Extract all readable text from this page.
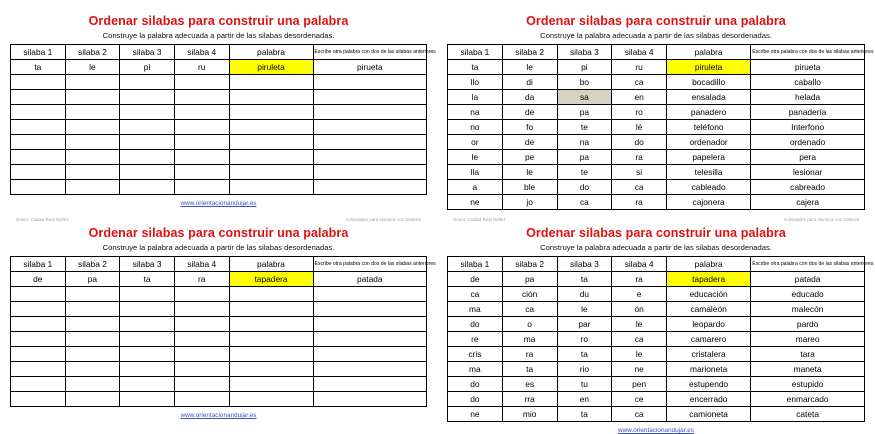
Ordenar silabas para construir una palabra
Construye la palabra adecuada a partir de las silabas desordenadas.
silaba 1	silaba 2	silaba 3	silaba 4	palabra	Escribe otra palabra con dos de las silabas anteriores
ta	le	pi	ru	piruleta	pirueta

www.orientacionandujar.es
Ordenar silabas para construir una palabra
Construye la palabra adecuada a partir de las silabas desordenadas.
silaba 1	silaba 2	silaba 3	silaba 4	palabra	Escribe otra palabra con dos de las silabas anteriores
ta	le	pi	ru	piruleta	pirueta
llo	di	bo	ca	bocadillo	caballo
la	da	sa	en	ensalada	helada
na	de	pa	ro	panadero	panadería
no	fo	te	lé	teléfono	Interfono
or	de	na	do	ordenador	ordenado
le	pe	pa	ra	papelera	pera
lla	le	te	si	telesilla	lesionar
a	ble	do	ca	cableado	cabreado
ne	jo	ca	ra	cajonera	cajera
Orient. Ciudad Real Núñez	Actividades para alumnos con Dislexia
Ordenar silabas para construir una palabra
Construye la palabra adecuada a partir de las silabas desordenadas.
silaba 1	silaba 2	silaba 3	silaba 4	palabra	Escribe otra palabra con dos de las silabas anteriores
de	pa	ta	ra	tapadera	patada

www.orientacionandujar.es
Orient. Ciudad Real Núñez	Actividades para alumnos con Dislexia
Ordenar silabas para construir una palabra
Construye la palabra adecuada a partir de las silabas desordenadas.
silaba 1	silaba 2	silaba 3	silaba 4	palabra	Escribe otra palabra con dos de las silabas anteriores
de	pa	ta	ra	tapadera	patada
ca	ción	du	e	educación	educado
ma	ca	le	ón	camaleón	malecón
do	o	par	le	leopardo	pardo
re	ma	ro	ca	camarero	mareo
cris	ra	ta	le	cristalera	tara
ma	ta	rio	ne	marioneta	maneta
do	es	tu	pen	estupendo	estupido
do	rra	en	ce	encerrado	enmarcado
ne	mio	ta	ca	camioneta	cateta
www.orientacionandujar.es
